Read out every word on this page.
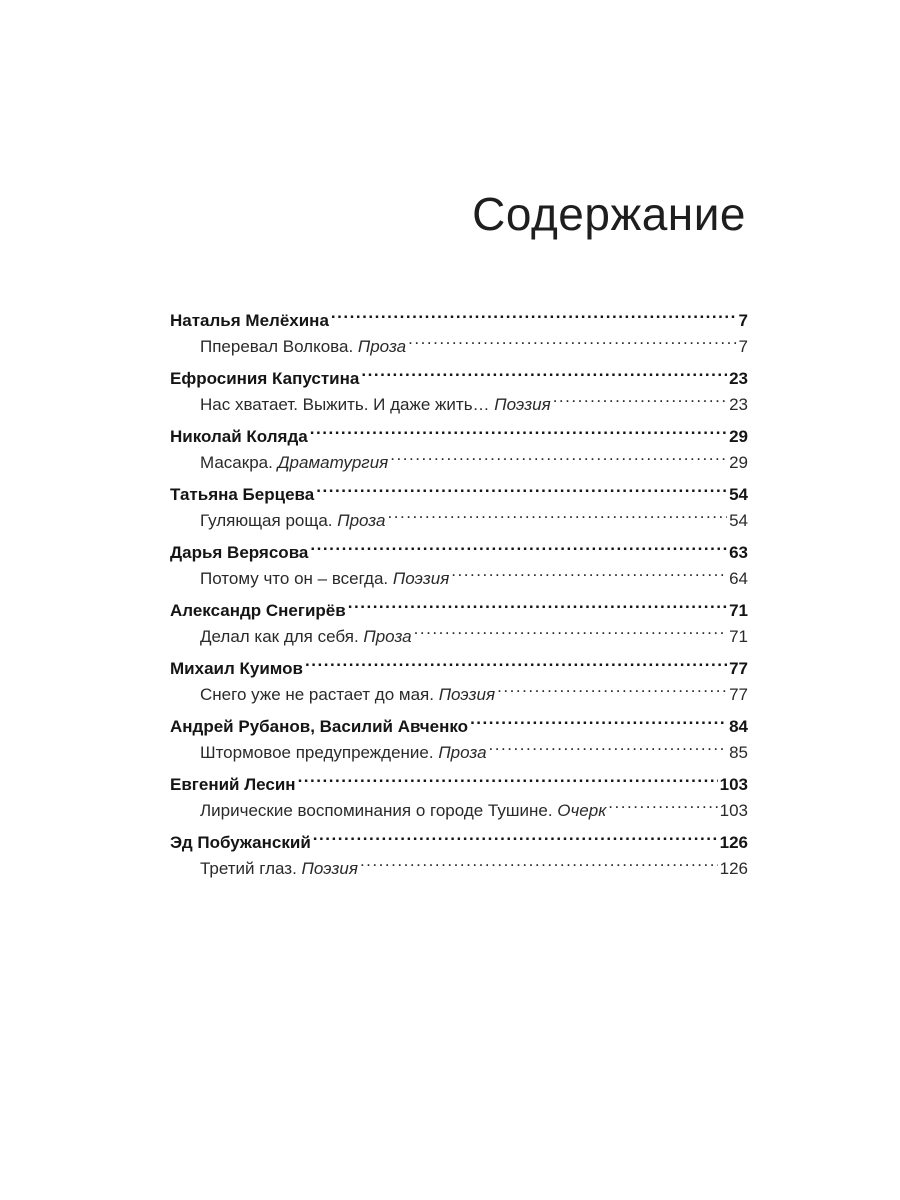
Содержание
Наталья Мелёхина . . .	7
Пперевал Волкова. Проза . . .	7
Ефросиния Капустина . . .	23
Нас хватает. Выжить. И даже жить… Поэзия . . .	23
Николай Коляда . . .	29
Масакра. Драматургия . . .	29
Татьяна Берцева . . .	54
Гуляющая роща. Проза . . .	54
Дарья Верясова . . .	63
Потому что он – всегда. Поэзия . . .	64
Александр Снегирёв . . .	71
Делал как для себя. Проза . . .	71
Михаил Куимов . . .	77
Снего уже не растает до мая. Поэзия . . .	77
Андрей Рубанов, Василий Авченко . . .	84
Штормовое предупреждение. Проза . . .	85
Евгений Лесин . . .	103
Лирические воспоминания о городе Тушине. Очерк . . .	103
Эд Побужанский . . .	126
Третий глаз. Поэзия . . .	126
